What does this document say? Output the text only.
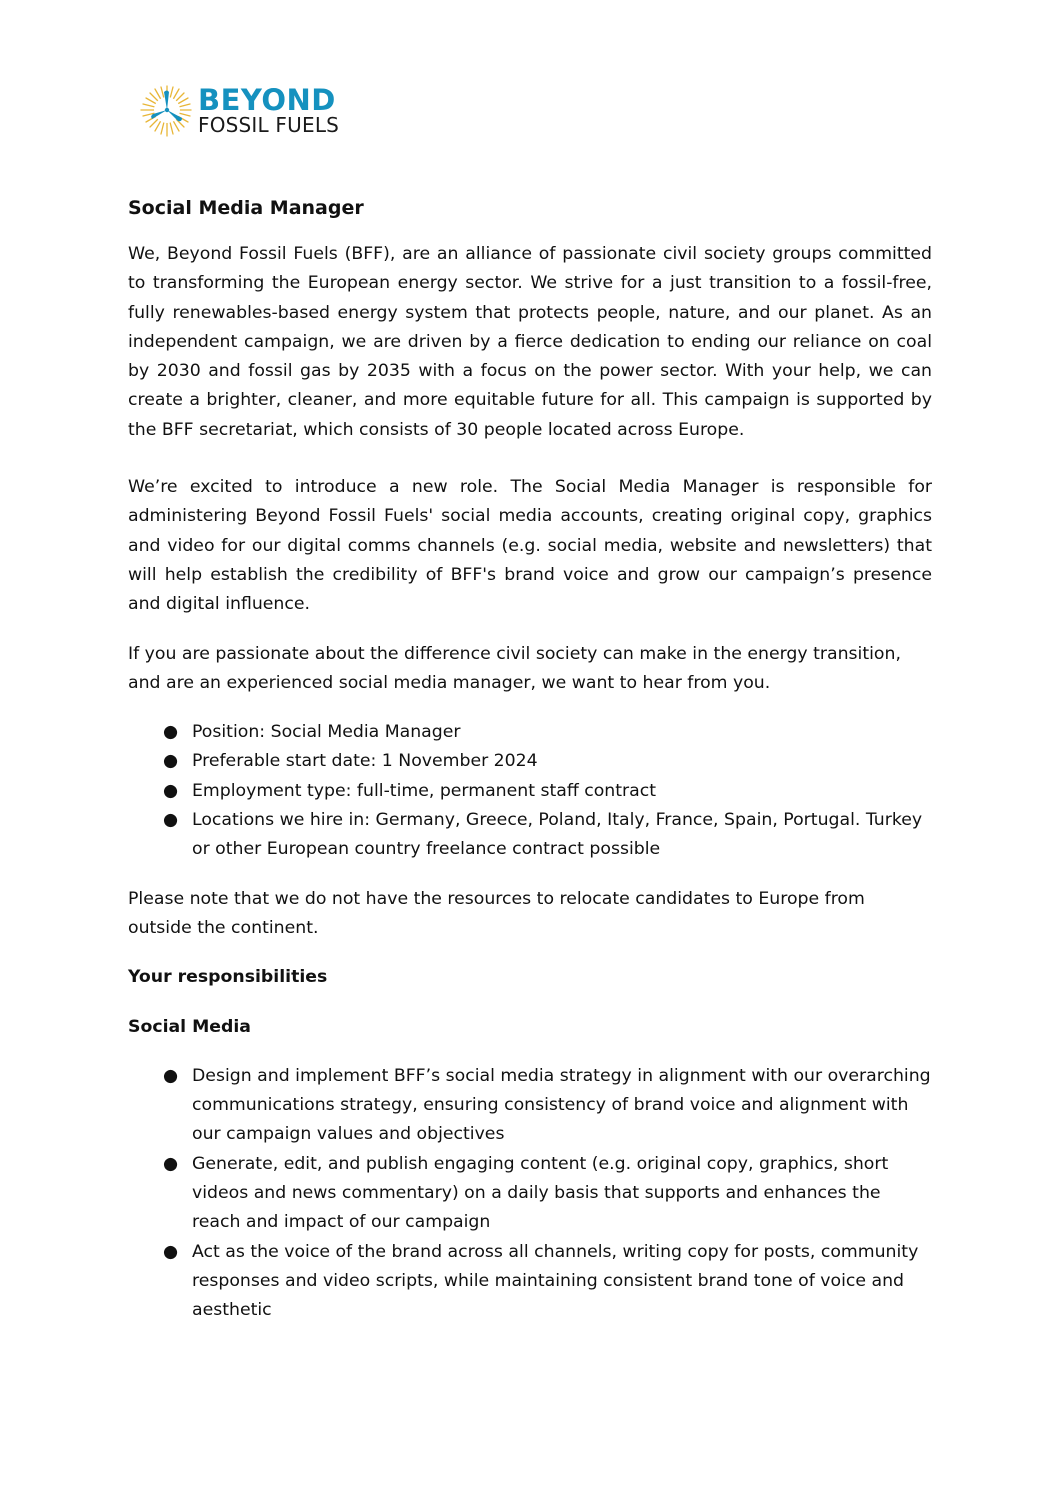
BEYOND
FOSSIL FUELS
Social Media Manager

We, Beyond Fossil Fuels (BFF), are an alliance of passionate civil society groups committed to transforming the European energy sector. We strive for a just transition to a fossil-free, fully renewables-based energy system that protects people, nature, and our planet. As an independent campaign, we are driven by a fierce dedication to ending our reliance on coal by 2030 and fossil gas by 2035 with a focus on the power sector. With your help, we can create a brighter, cleaner, and more equitable future for all. This campaign is supported by the BFF secretariat, which consists of 30 people located across Europe.

We’re excited to introduce a new role. The Social Media Manager is responsible for administering Beyond Fossil Fuels' social media accounts, creating original copy, graphics and video for our digital comms channels (e.g. social media, website and newsletters) that will help establish the credibility of BFF's brand voice and grow our campaign’s presence and digital influence.

If you are passionate about the difference civil society can make in the energy transition, and are an experienced social media manager, we want to hear from you.

● Position: Social Media Manager
● Preferable start date: 1 November 2024
● Employment type: full-time, permanent staff contract
● Locations we hire in: Germany, Greece, Poland, Italy, France, Spain, Portugal. Turkey or other European country freelance contract possible

Please note that we do not have the resources to relocate candidates to Europe from outside the continent.

Your responsibilities
Social Media
● Design and implement BFF’s social media strategy in alignment with our overarching communications strategy, ensuring consistency of brand voice and alignment with our campaign values and objectives
● Generate, edit, and publish engaging content (e.g. original copy, graphics, short videos and news commentary) on a daily basis that supports and enhances the reach and impact of our campaign
● Act as the voice of the brand across all channels, writing copy for posts, community responses and video scripts, while maintaining consistent brand tone of voice and aesthetic
